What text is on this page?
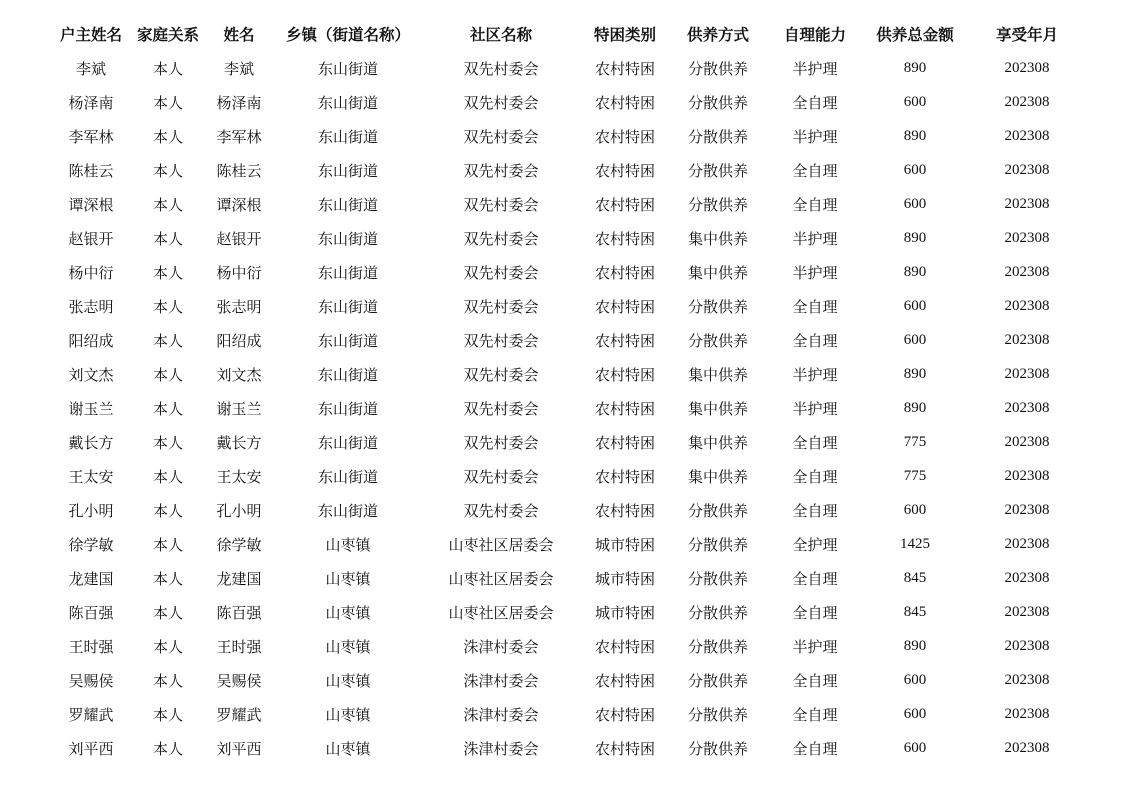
户主姓名	家庭关系	姓名	乡镇（街道名称）	社区名称	特困类别	供养方式	自理能力	供养总金额	享受年月
李斌	本人	李斌	东山街道	双先村委会	农村特困	分散供养	半护理	890	202308
杨泽南	本人	杨泽南	东山街道	双先村委会	农村特困	分散供养	全自理	600	202308
李军林	本人	李军林	东山街道	双先村委会	农村特困	分散供养	半护理	890	202308
陈桂云	本人	陈桂云	东山街道	双先村委会	农村特困	分散供养	全自理	600	202308
谭深根	本人	谭深根	东山街道	双先村委会	农村特困	分散供养	全自理	600	202308
赵银开	本人	赵银开	东山街道	双先村委会	农村特困	集中供养	半护理	890	202308
杨中衍	本人	杨中衍	东山街道	双先村委会	农村特困	集中供养	半护理	890	202308
张志明	本人	张志明	东山街道	双先村委会	农村特困	分散供养	全自理	600	202308
阳绍成	本人	阳绍成	东山街道	双先村委会	农村特困	分散供养	全自理	600	202308
刘文杰	本人	刘文杰	东山街道	双先村委会	农村特困	集中供养	半护理	890	202308
谢玉兰	本人	谢玉兰	东山街道	双先村委会	农村特困	集中供养	半护理	890	202308
戴长方	本人	戴长方	东山街道	双先村委会	农村特困	集中供养	全自理	775	202308
王太安	本人	王太安	东山街道	双先村委会	农村特困	集中供养	全自理	775	202308
孔小明	本人	孔小明	东山街道	双先村委会	农村特困	分散供养	全自理	600	202308
徐学敏	本人	徐学敏	山枣镇	山枣社区居委会	城市特困	分散供养	全护理	1425	202308
龙建国	本人	龙建国	山枣镇	山枣社区居委会	城市特困	分散供养	全自理	845	202308
陈百强	本人	陈百强	山枣镇	山枣社区居委会	城市特困	分散供养	全自理	845	202308
王时强	本人	王时强	山枣镇	洙津村委会	农村特困	分散供养	半护理	890	202308
吴赐侯	本人	吴赐侯	山枣镇	洙津村委会	农村特困	分散供养	全自理	600	202308
罗耀武	本人	罗耀武	山枣镇	洙津村委会	农村特困	分散供养	全自理	600	202308
刘平西	本人	刘平西	山枣镇	洙津村委会	农村特困	分散供养	全自理	600	202308
